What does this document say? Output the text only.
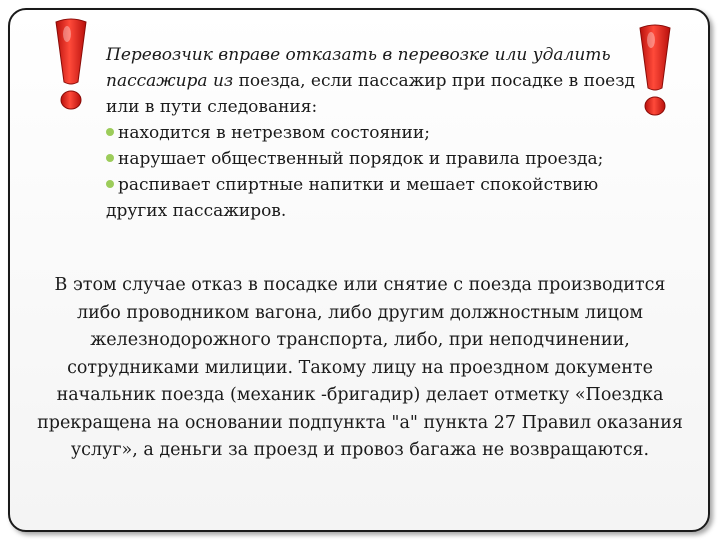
Перевозчик вправе отказать в перевозке или удалить пассажира из поезда, если пассажир при посадке в поезд или в пути следования:

находится в нетрезвом состоянии;
нарушает общественный порядок и правила проезда;
распивает спиртные напитки и мешает спокойствию

других пассажиров.

В этом случае отказ в посадке или снятие с поезда производится либо проводником вагона, либо другим должностным лицом железнодорожного транспорта, либо, при неподчинении, сотрудниками милиции. Такому лицу на проездном документе начальник поезда (механик -бригадир) делает отметку «Поездка прекращена на основании подпункта "а" пункта 27 Правил оказания услуг», а деньги за проезд и провоз багажа не возвращаются.
